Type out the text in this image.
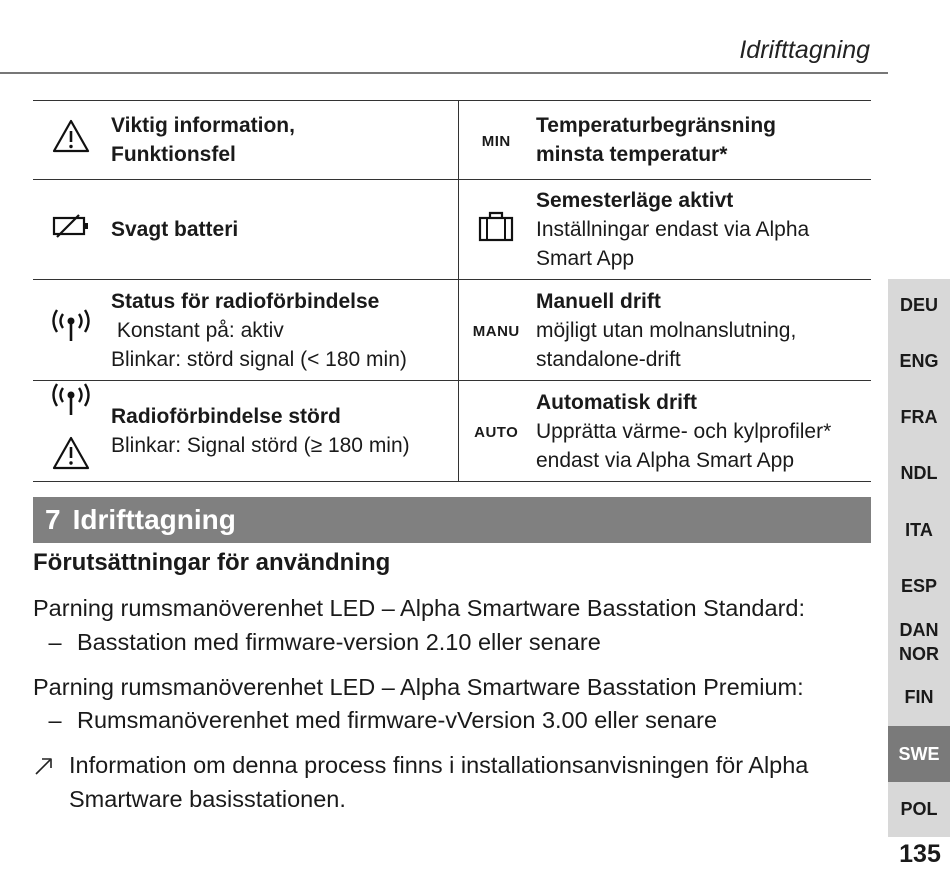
Idrifttagning

Viktig information,
Funktionsfel	MIN	Temperaturbegränsning
minsta temperatur*

Svagt batteri		Semesterläge aktivt
Inställningar endast via Alpha Smart App

Status för radioförbindelse
Konstant på: aktiv
Blinkar: störd signal (< 180 min)	MANU	Manuell drift
möjligt utan molnanslutning, standalone-drift

Radioförbindelse störd
Blinkar: Signal störd (≥ 180 min)	AUTO	Automatisk drift
Upprätta värme- och kylprofiler* endast via Alpha Smart App
7 Idrifttagning
Förutsättningar för användning
Parning rumsmanöverenhet LED – Alpha Smartware Basstation Standard:
– Basstation med firmware-version 2.10 eller senare
Parning rumsmanöverenhet LED – Alpha Smartware Basstation Premium:
– Rumsmanöverenhet med firmware-vVersion 3.00 eller senare
Information om denna process finns i installationsanvisningen för Alpha Smartware basisstationen.
DEU
ENG
FRA
NDL
ITA
ESP
DAN
NOR
FIN
SWE
POL
135
